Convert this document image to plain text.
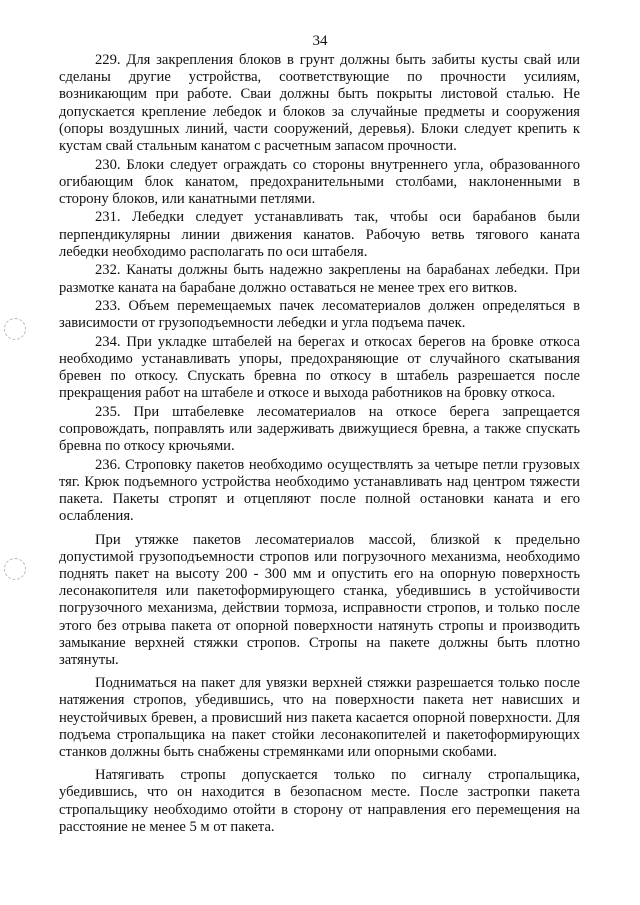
34

229. Для закрепления блоков в грунт должны быть забиты кусты свай или сделаны другие устройства, соответствующие по прочности усилиям, возникающим при работе. Сваи должны быть покрыты листовой сталью. Не допускается крепление лебедок и блоков за случайные предметы и сооружения (опоры воздушных линий, части сооружений, деревья). Блоки следует крепить к кустам свай стальным канатом с расчетным запасом прочности.

230. Блоки следует ограждать со стороны внутреннего угла, образованного огибающим блок канатом, предохранительными столбами, наклоненными в сторону блоков, или канатными петлями.

231. Лебедки следует устанавливать так, чтобы оси барабанов были перпендикулярны линии движения канатов. Рабочую ветвь тягового каната лебедки необходимо располагать по оси штабеля.

232. Канаты должны быть надежно закреплены на барабанах лебедки. При размотке каната на барабане должно оставаться не менее трех его витков.

233. Объем перемещаемых пачек лесоматериалов должен определяться в зависимости от грузоподъемности лебедки и угла подъема пачек.

234. При укладке штабелей на берегах и откосах берегов на бровке откоса необходимо устанавливать упоры, предохраняющие от случайного скатывания бревен по откосу. Спускать бревна по откосу в штабель разрешается после прекращения работ на штабеле и откосе и выхода работников на бровку откоса.

235. При штабелевке лесоматериалов на откосе берега запрещается сопровождать, поправлять или задерживать движущиеся бревна, а также спускать бревна по откосу крючьями.

236. Строповку пакетов необходимо осуществлять за четыре петли грузовых тяг. Крюк подъемного устройства необходимо устанавливать над центром тяжести пакета. Пакеты стропят и отцепляют после полной остановки каната и его ослабления.

При утяжке пакетов лесоматериалов массой, близкой к предельно допустимой грузоподъемности стропов или погрузочного механизма, необходимо поднять пакет на высоту 200 - 300 мм и опустить его на опорную поверхность лесонакопителя или пакетоформирующего станка, убедившись в устойчивости погрузочного механизма, действии тормоза, исправности стропов, и только после этого без отрыва пакета от опорной поверхности натянуть стропы и производить замыкание верхней стяжки стропов. Стропы на пакете должны быть плотно затянуты.

Подниматься на пакет для увязки верхней стяжки разрешается только после натяжения стропов, убедившись, что на поверхности пакета нет нависших и неустойчивых бревен, а провисший низ пакета касается опорной поверхности. Для подъема стропальщика на пакет стойки лесонакопителей и пакетоформирующих станков должны быть снабжены стремянками или опорными скобами.

Натягивать стропы допускается только по сигналу стропальщика, убедившись, что он находится в безопасном месте. После застропки пакета стропальщику необходимо отойти в сторону от направления его перемещения на расстояние не менее 5 м от пакета.
